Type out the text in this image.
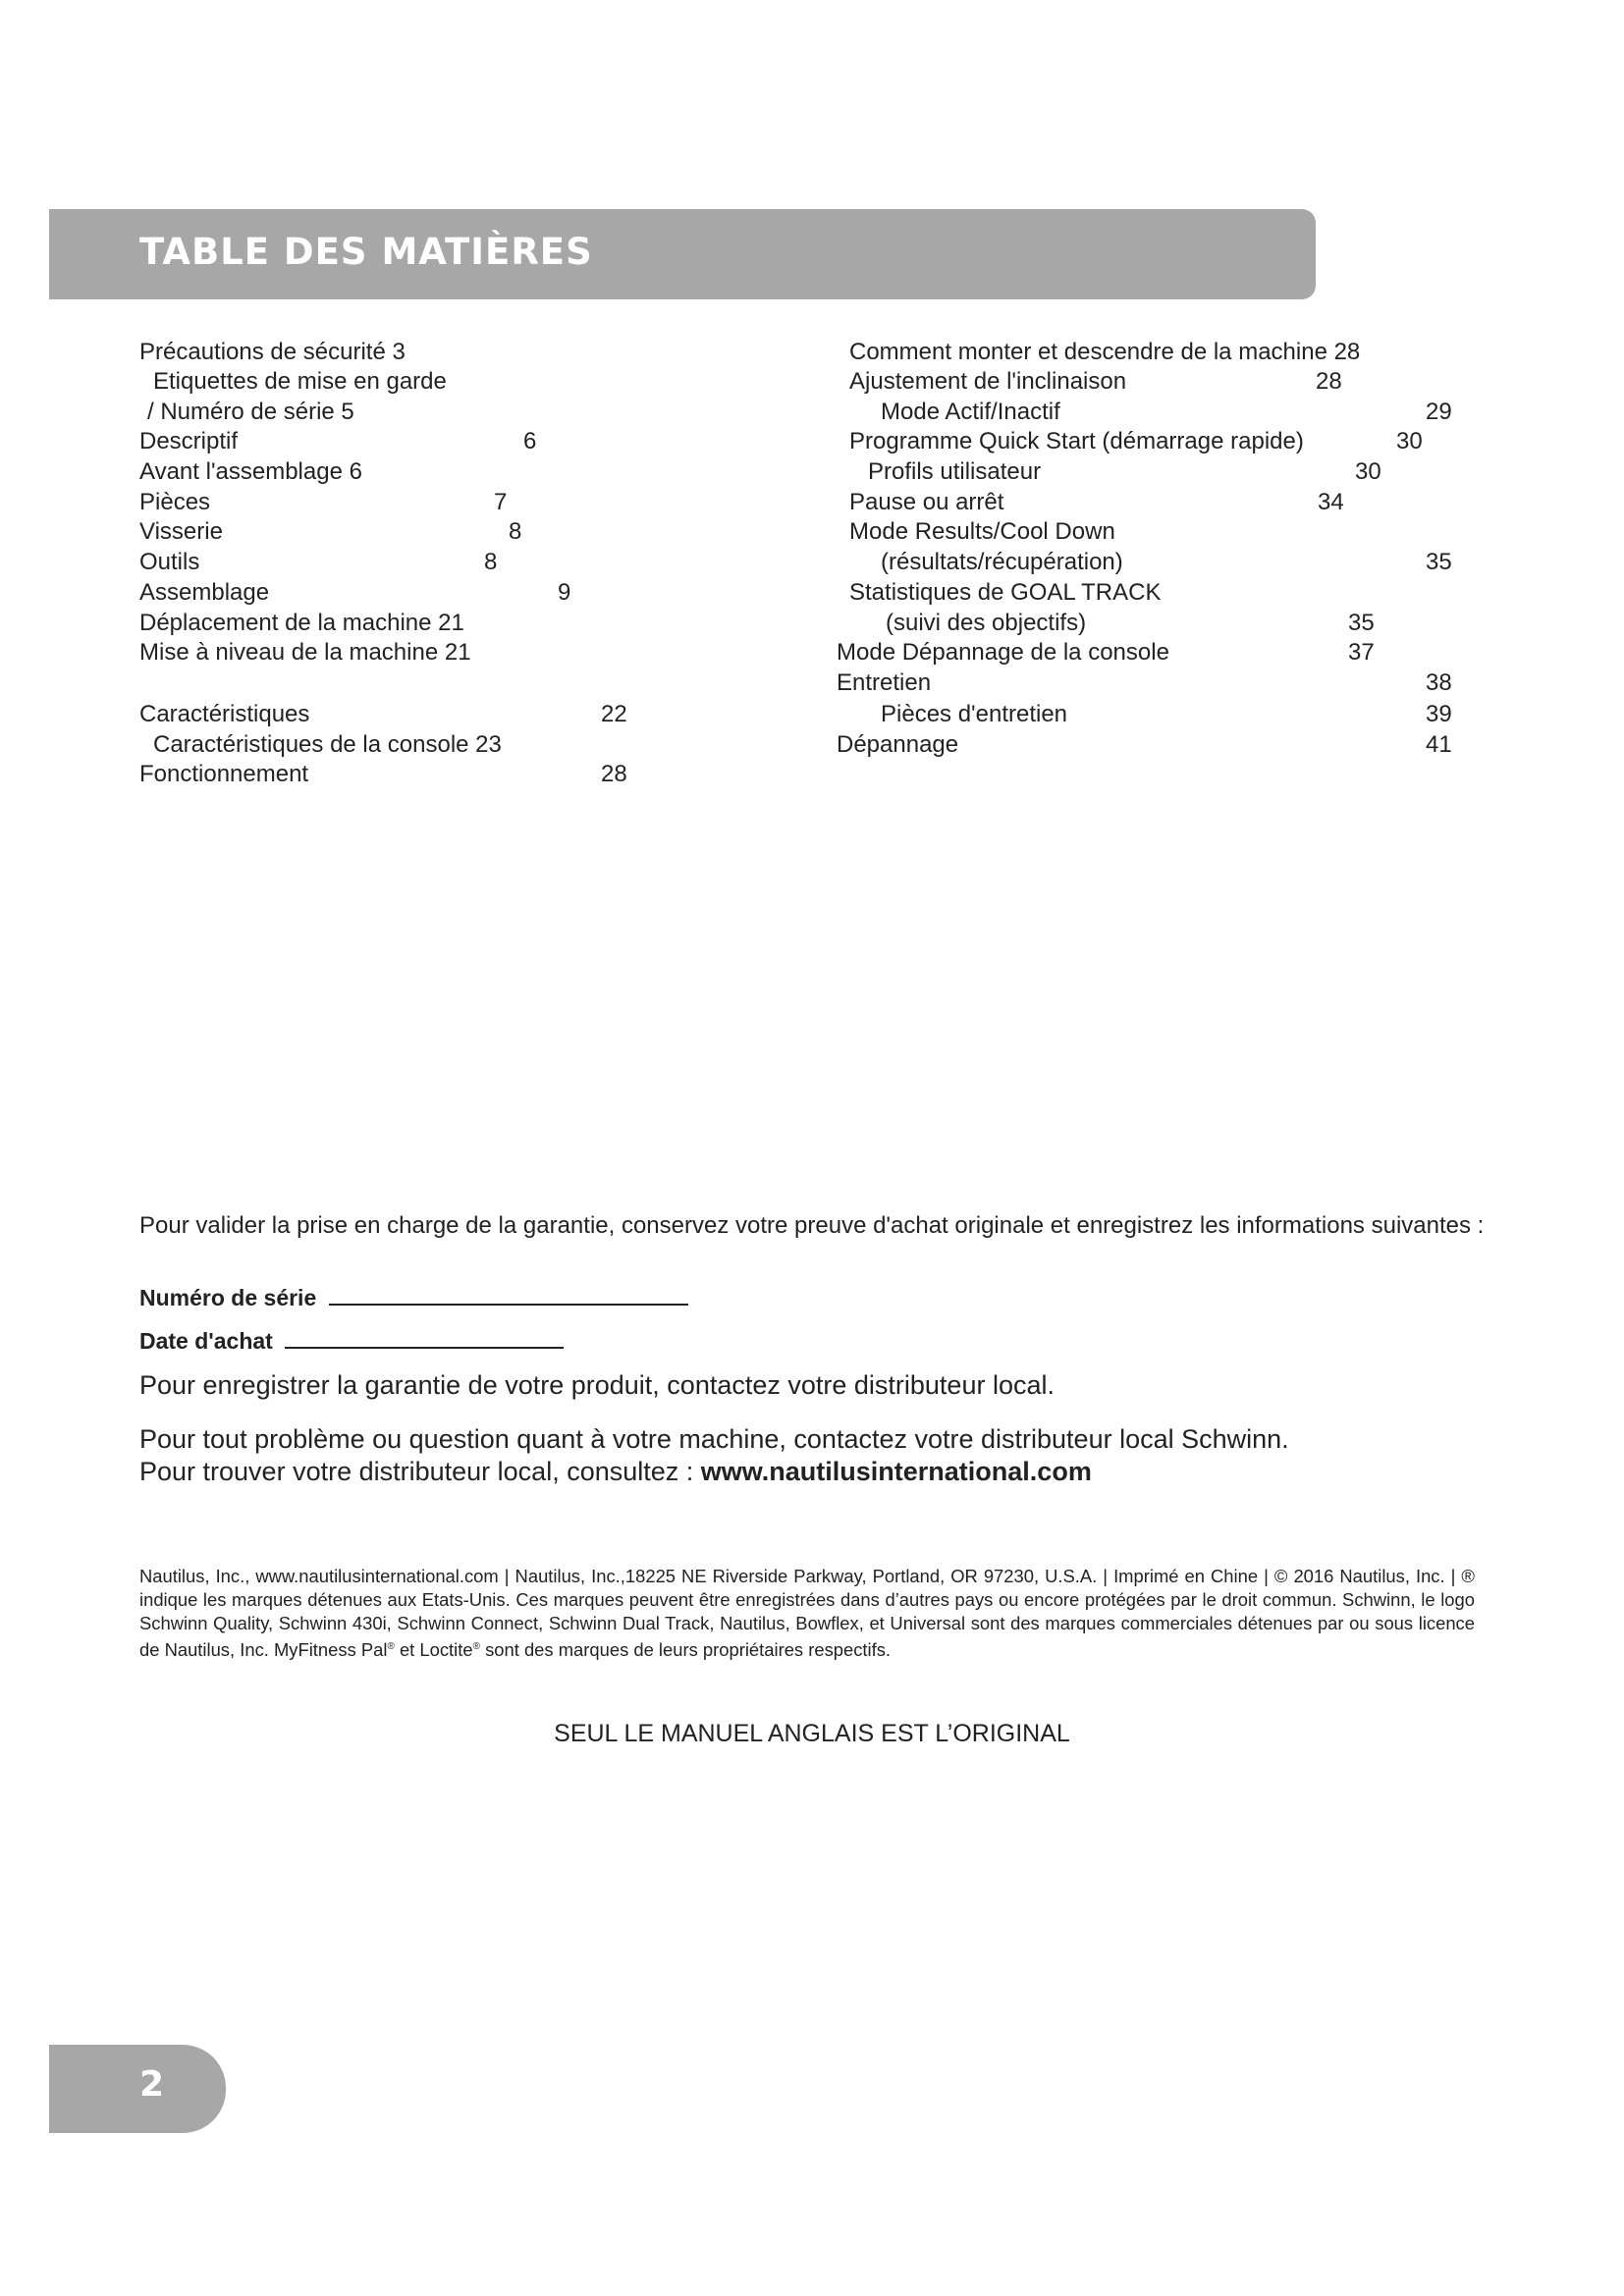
TABLE DES MATIÈRES
Précautions de sécurité 3
Etiquettes de mise en garde
/ Numéro de série 5
Descriptif	6
Avant l'assemblage 6
Pièces	7
Visserie	8
Outils	8
Assemblage	9
Déplacement de la machine 21
Mise à niveau de la machine 21
Caractéristiques	22
Caractéristiques de la console 23
Fonctionnement	28
Comment monter et descendre de la machine 28
Ajustement de l'inclinaison	28
Mode Actif/Inactif	29
Programme Quick Start (démarrage rapide)	30
Profils utilisateur	30
Pause ou arrêt	34
Mode Results/Cool Down
(résultats/récupération)	35
Statistiques de GOAL TRACK
(suivi des objectifs)	35
Mode Dépannage de la console	37
Entretien	38
Pièces d'entretien	39
Dépannage	41

Pour valider la prise en charge de la garantie, conservez votre preuve d'achat originale et enregistrez les informations suivantes :

Numéro de série
Date d'achat

Pour enregistrer la garantie de votre produit, contactez votre distributeur local.

Pour tout problème ou question quant à votre machine, contactez votre distributeur local Schwinn.

Pour trouver votre distributeur local, consultez : www.nautilusinternational.com

Nautilus, Inc., www.nautilusinternational.com | Nautilus, Inc.,18225 NE Riverside Parkway, Portland, OR 97230, U.S.A. | Imprimé en Chine | © 2016 Nautilus, Inc. | ® indique les marques détenues aux Etats-Unis. Ces marques peuvent être enregistrées dans d’autres pays ou encore protégées par le droit commun. Schwinn, le logo Schwinn Quality, Schwinn 430i, Schwinn Connect, Schwinn Dual Track, Nautilus, Bowflex, et Universal sont des marques commerciales détenues par ou sous licence de Nautilus, Inc. MyFitness Pal® et Loctite® sont des marques de leurs propriétaires respectifs.

SEUL LE MANUEL ANGLAIS EST L’ORIGINAL

2
